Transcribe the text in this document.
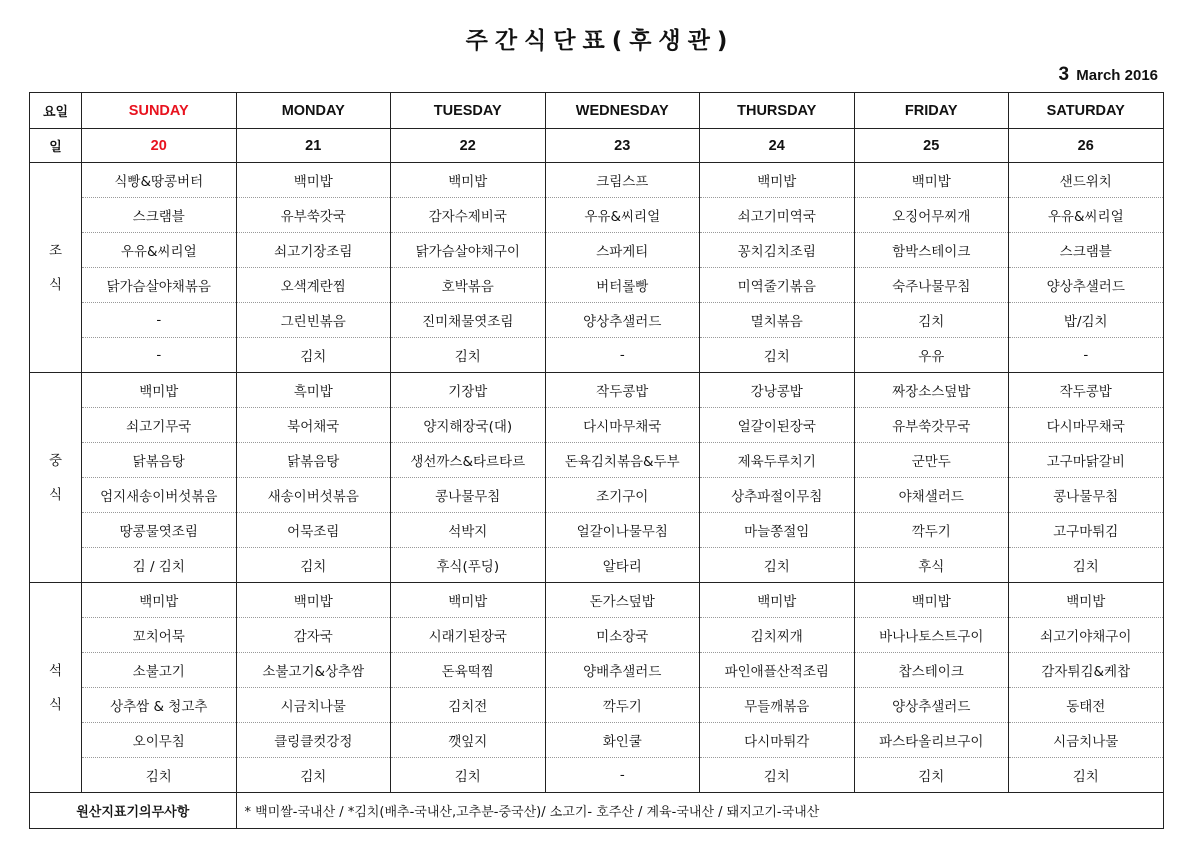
주간식단표(후생관)
3 March 2016
요일	SUNDAY	MONDAY	TUESDAY	WEDNESDAY	THURSDAY	FRIDAY	SATURDAY
일	20	21	22	23	24	25	26

조
식	식빵&땅콩버터	백미밥	백미밥	크림스프	백미밥	백미밥	샌드위치
	스크램블	유부쑥갓국	감자수제비국	우유&씨리얼	쇠고기미역국	오징어무찌개	우유&씨리얼
	우유&씨리얼	쇠고기장조림	닭가슴살야채구이	스파게티	꽁치김치조림	함박스테이크	스크램블
	닭가슴살야채볶음	오색계란찜	호박볶음	버터롤빵	미역줄기볶음	숙주나물무침	양상추샐러드
	-	그린빈볶음	진미채물엿조림	양상추샐러드	멸치볶음	김치	밥/김치
	-	김치	김치	-	김치	우유	-

중
식	백미밥	흑미밥	기장밥	작두콩밥	강낭콩밥	짜장소스덮밥	작두콩밥
	쇠고기무국	북어채국	양지해장국(대)	다시마무채국	얼갈이된장국	유부쑥갓무국	다시마무채국
	닭볶음탕	닭볶음탕	생선까스&타르타르	돈육김치볶음&두부	제육두루치기	군만두	고구마닭갈비
	엄지새송이버섯볶음	새송이버섯볶음	콩나물무침	조기구이	상추파절이무침	야채샐러드	콩나물무침
	땅콩물엿조림	어묵조림	석박지	얼갈이나물무침	마늘쫑절임	깍두기	고구마튀김
	김 / 김치	김치	후식(푸딩)	알타리	김치	후식	김치

석
식	백미밥	백미밥	백미밥	돈가스덮밥	백미밥	백미밥	백미밥
	꼬치어묵	감자국	시래기된장국	미소장국	김치찌개	바나나토스트구이	쇠고기야채구이
	소불고기	소불고기&상추쌈	돈육떡찜	양배추샐러드	파인애플산적조림	찹스테이크	감자튀김&케찹
	상추쌈 & 청고추	시금치나물	김치전	깍두기	무들깨볶음	양상추샐러드	동태전
	오이무침	클링클컷강정	깻잎지	화인쿨	다시마튀각	파스타올리브구이	시금치나물
	김치	김치	김치	-	김치	김치	김치
원산지표기의무사항		* 백미쌀-국내산 / *김치(배추-국내산,고추분-중국산)/ 소고기- 호주산 / 계육-국내산 / 돼지고기-국내산					
